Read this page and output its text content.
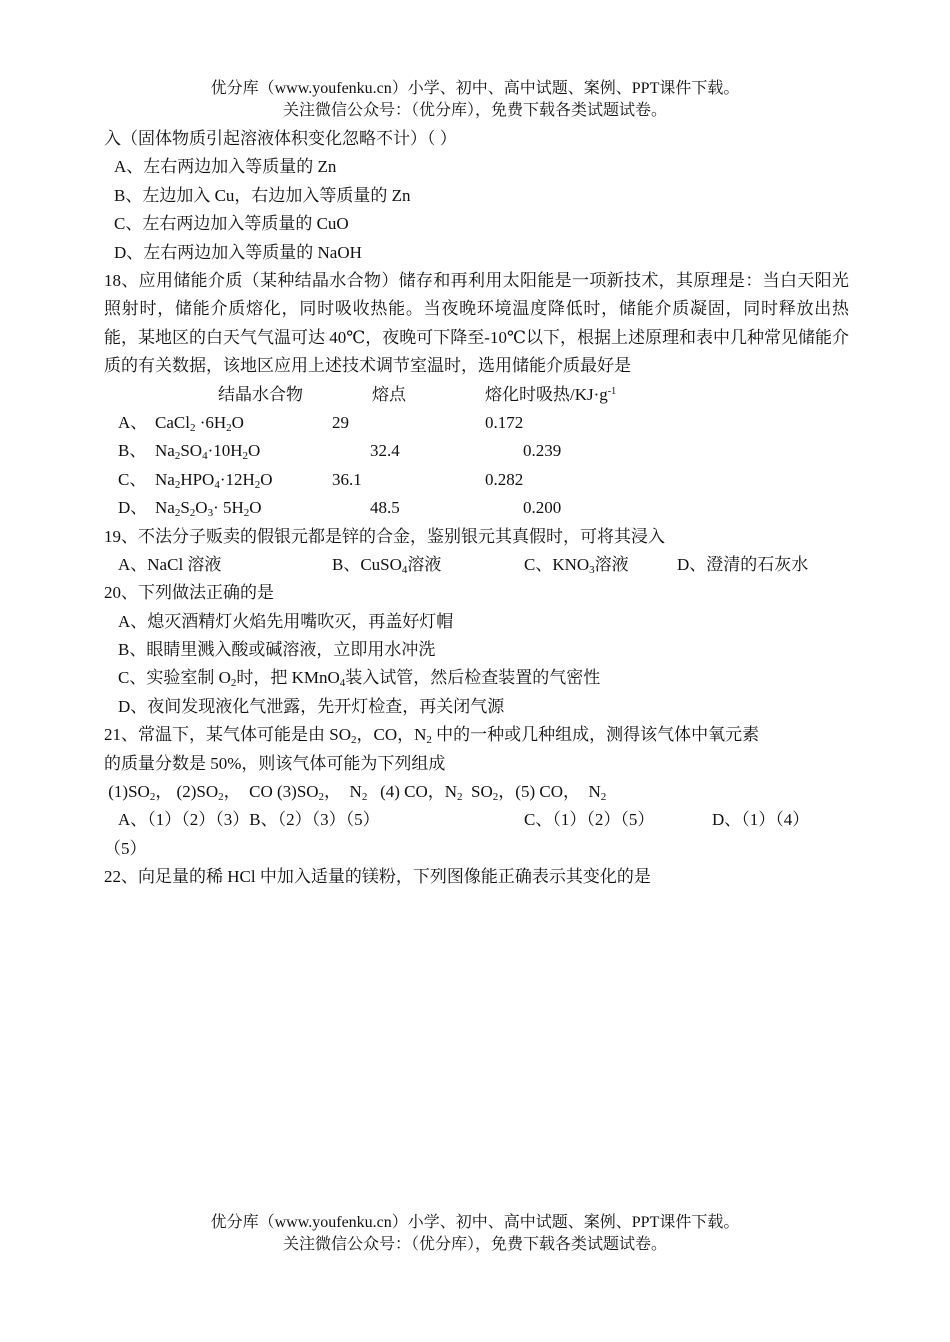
优分库（www.youfenku.cn）小学、初中、高中试题、案例、PPT课件下载。
关注微信公众号：（优分库），免费下载各类试题试卷。
入（固体物质引起溶液体积变化忽略不计）（ ）
A、左右两边加入等质量的 Zn
B、左边加入 Cu，右边加入等质量的 Zn
C、左右两边加入等质量的 CuO
D、左右两边加入等质量的 NaOH
18、应用储能介质（某种结晶水合物）储存和再利用太阳能是一项新技术，其原理是：当白天阳光照射时，储能介质熔化，同时吸收热能。当夜晚环境温度降低时，储能介质凝固，同时释放出热能，某地区的白天气气温可达 40℃，夜晚可下降至-10℃以下，根据上述原理和表中几种常见储能介质的有关数据，该地区应用上述技术调节室温时，选用储能介质最好是
结晶水合物	熔点	熔化时吸热$/KJ\cdot g^{-1}$
A、 CaCl$_2$ $\cdot 6H_2O$	29	0.172
B、 $Na_2SO_4\cdot 10H_2O$	32.4	0.239
C、 $Na_2HPO_4\cdot 12H_2O$	36.1	0.282
D、 $Na_2S_2O_3\cdot 5H_2O$	48.5	0.200
19、不法分子贩卖的假银元都是锌的合金，鉴别银元其真假时，可将其浸入
A、NaCl 溶液	B、CuSO$_4$溶液	C、$KNO_3$溶液	D、澄清的石灰水
20、下列做法正确的是
A、熄灭酒精灯火焰先用嘴吹灭，再盖好灯帽
B、眼睛里溅入酸或碱溶液，立即用水冲洗
C、实验室制 $O_2$时，把 KMnO$_4$装入试管，然后检查装置的气密性
D、夜间发现液化气泄露，先开灯检查，再关闭气源
21、常温下，某气体可能是由 $SO_2$，CO，$N_2$ 中的一种或几种组成，测得该气体中氧元素
的质量分数是 50%，则该气体可能为下列组成
$(1)SO_2$， $(2)SO_2$，  CO $(3)SO_2$，  $N_2$   (4) CO，$N_2$  $SO_2$，(5) CO，  $N_2$
A、（1）（2）（3）B、（2）（3）（5）	C、（1）（2）（5）	D、（1）（4）
（5）
22、向足量的稀 HCl 中加入适量的镁粉，下列图像能正确表示其变化的是
优分库（www.youfenku.cn）小学、初中、高中试题、案例、PPT课件下载。
关注微信公众号：（优分库），免费下载各类试题试卷。
